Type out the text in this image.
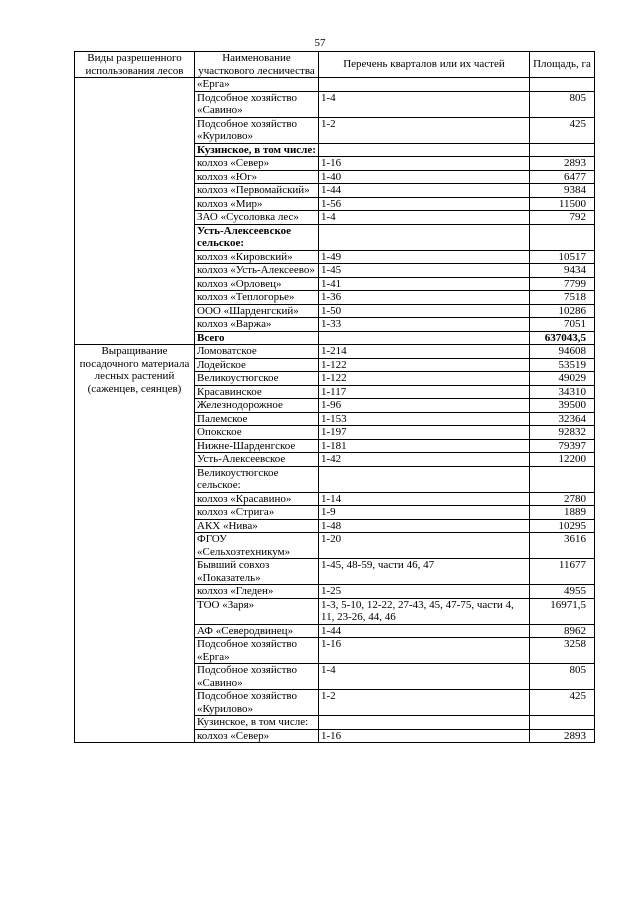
57
Виды разрешенного использования лесов	Наименование участкового лесничества	Перечень кварталов или их частей	Площадь, га
	«Ерга»		
	Подсобное хозяйство «Савино»	1-4	805
	Подсобное хозяйство «Курилово»	1-2	425
	Кузинское, в том числе:		
	колхоз «Север»	1-16	2893
	колхоз «Юг»	1-40	6477
	колхоз «Первомайский»	1-44	9384
	колхоз «Мир»	1-56	11500
	ЗАО «Сусоловка лес»	1-4	792
	Усть-Алексеевское сельское:		
	колхоз «Кировский»	1-49	10517
	колхоз «Усть-Алексеево»	1-45	9434
	колхоз «Орловец»	1-41	7799
	колхоз «Теплогорье»	1-36	7518
	ООО «Шарденгский»	1-50	10286
	колхоз «Варжа»	1-33	7051
	Всего		637043,5
Выращивание посадочного материала лесных растений (саженцев, сеянцев)	Ломоватское	1-214	94608
	Лодейское	1-122	53519
	Великоустюгское	1-122	49029
	Красавинское	1-117	34310
	Железнодорожное	1-96	39500
	Палемское	1-153	32364
	Опокское	1-197	92832
	Нижне-Шарденгское	1-181	79397
	Усть-Алексеевское	1-42	12200
	Великоустюгское сельское:		
	колхоз «Красавино»	1-14	2780
	колхоз «Стрига»	1-9	1889
	АКХ «Нива»	1-48	10295
	ФГОУ «Сельхозтехникум»	1-20	3616
	Бывший совхоз «Показатель»	1-45, 48-59, части 46, 47	11677
	колхоз «Гледен»	1-25	4955
	ТОО «Заря»	1-3, 5-10, 12-22, 27-43, 45, 47-75, части 4, 11, 23-26, 44, 46	16971,5
	АФ «Северодвинец»	1-44	8962
	Подсобное хозяйство «Ерга»	1-16	3258
	Подсобное хозяйство «Савино»	1-4	805
	Подсобное хозяйство «Курилово»	1-2	425
	Кузинское, в том числе:		
	колхоз «Север»	1-16	2893
